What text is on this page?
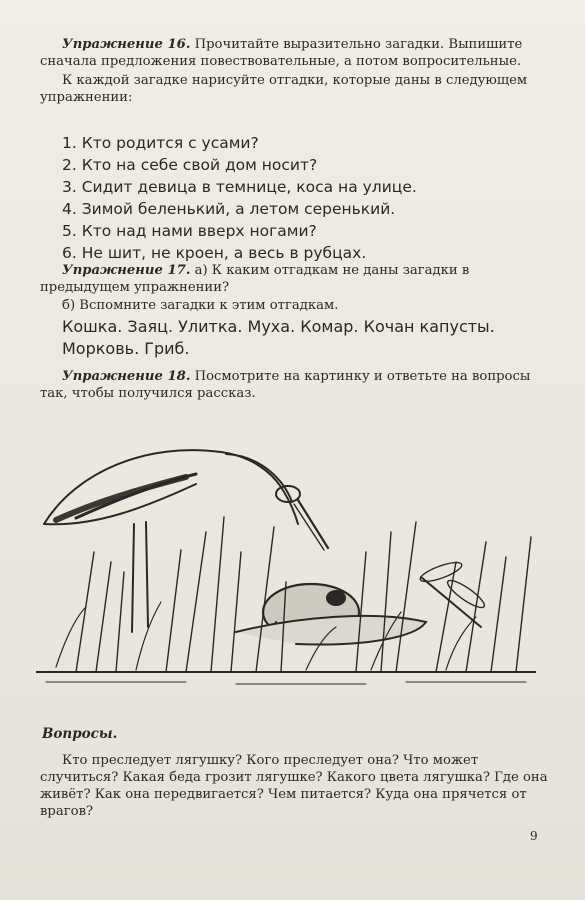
Упражнение 16. Прочитайте выразительно загадки. Выпишите сначала предложения повествовательные, а потом вопросительные.
К каждой загадке нарисуйте отгадки, которые даны в следующем упражнении:
1. Кто родится с усами?
2. Кто на себе свой дом носит?
3. Сидит девица в темнице, коса на улице.
4. Зимой беленький, а летом серенький.
5. Кто над нами вверх ногами?
6. Не шит, не кроен, а весь в рубцах.
Упражнение 17. а) К каким отгадкам не даны загадки в предыдущем упражнении?
б) Вспомните загадки к этим отгадкам.
Кошка. Заяц. Улитка. Муха. Комар. Кочан капусты. Морковь. Гриб.
Упражнение 18. Посмотрите на картинку и ответьте на вопросы так, чтобы получился рассказ.
Вопросы.
Кто преследует лягушку? Кого преследует она? Что может случиться? Какая беда грозит лягушке? Какого цвета лягушка? Где она живёт? Как она передвигается? Чем питается? Куда она прячется от врагов?
9
